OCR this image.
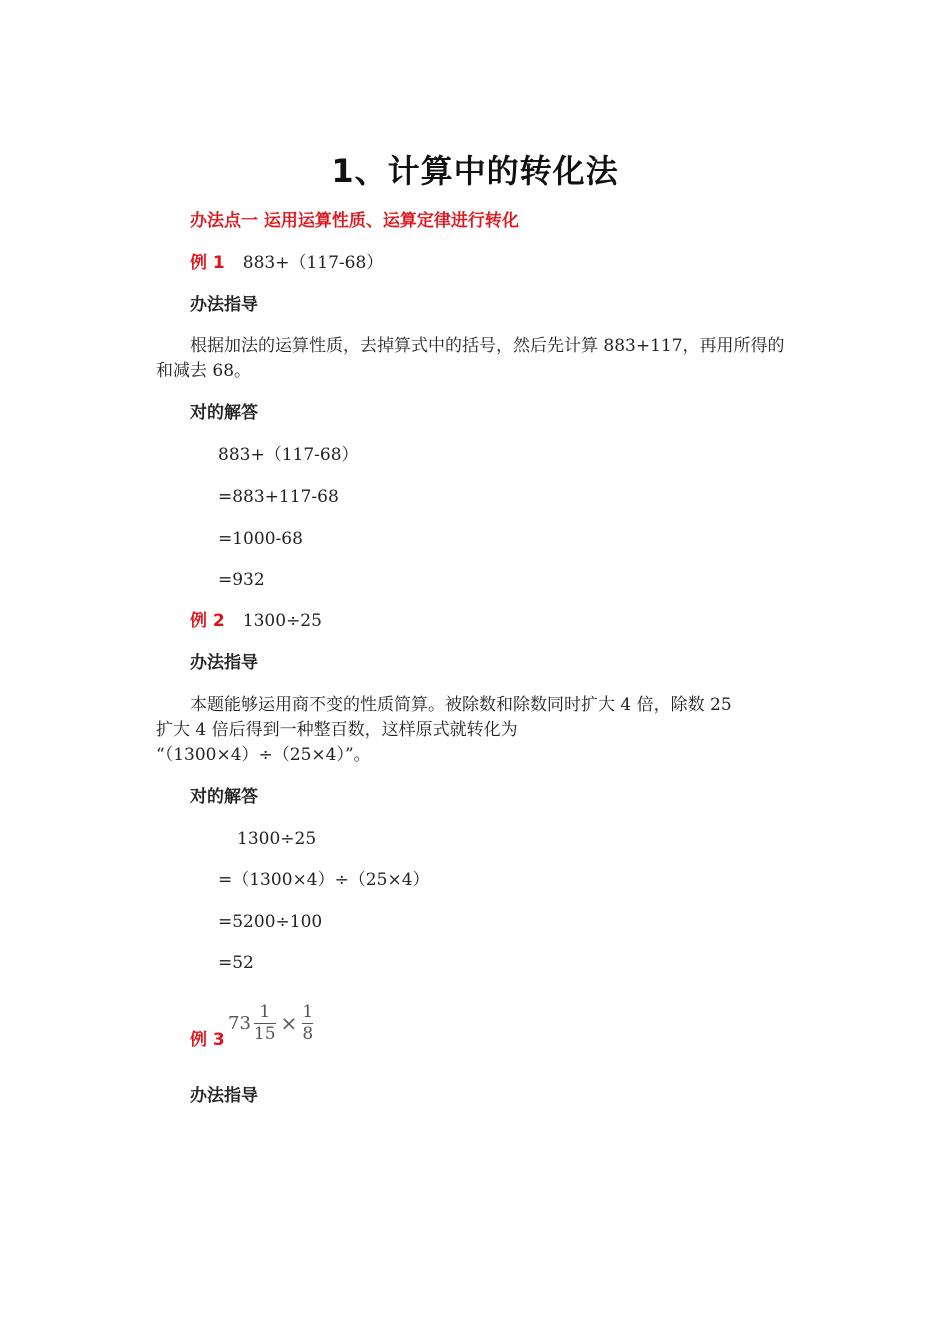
1、计算中的转化法
办法点一 运用运算性质、运算定律进行转化
例 1 883+（117-68）
办法指导
根据加法的运算性质，去掉算式中的括号，然后先计算 883+117，再用所得的和减去 68。
对的解答
883+（117-68）
=883+117-68
=1000-68
=932
例 2 1300÷25
办法指导
本题能够运用商不变的性质简算。被除数和除数同时扩大 4 倍，除数 25
扩大 4 倍后得到一种整百数，这样原式就转化为
“（1300×4）÷（25×4）”。
对的解答
1300÷25
=（1300×4）÷（25×4）
=5200÷100
=52
例 3
$73 \frac{1}{15} \times \frac{1}{8}$
办法指导
